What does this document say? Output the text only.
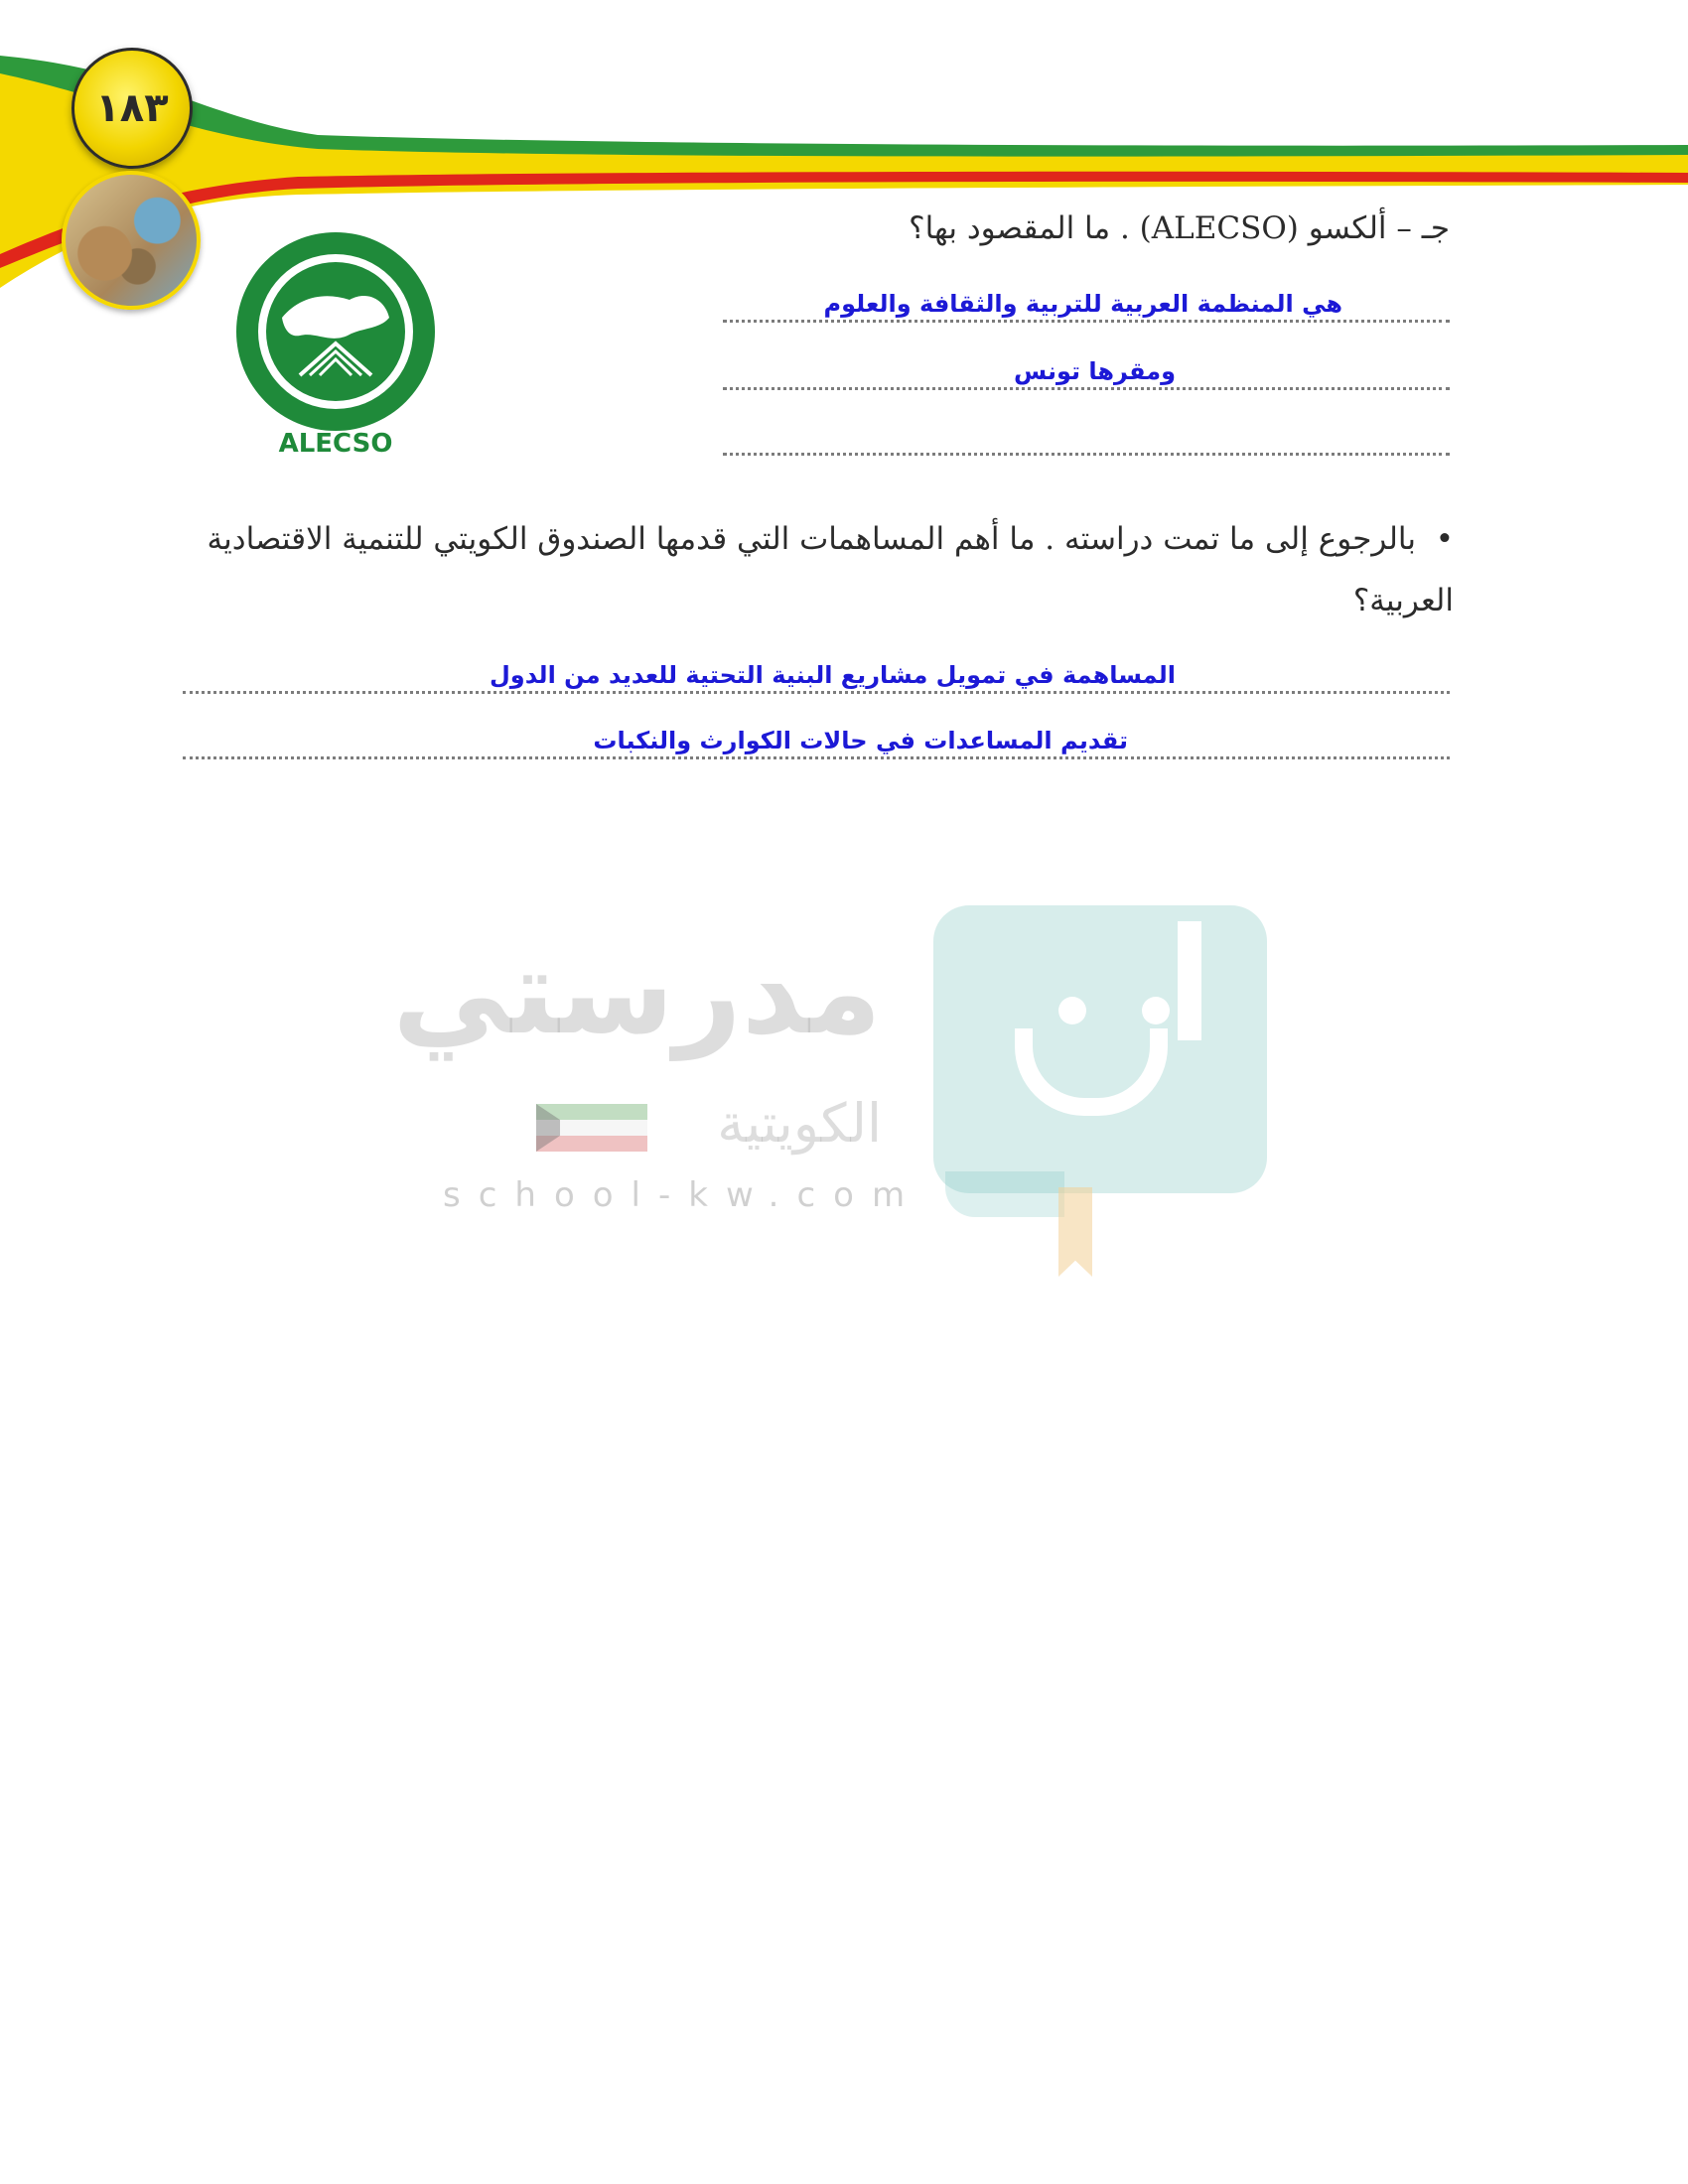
١٨٣
ALECSO
جـ – ألكسو (ALECSO) . ما المقصود بها؟
هي المنظمة العربية للتربية والثقافة والعلوم
ومقرها تونس
•  بالرجوع إلى ما تمت دراسته . ما أهم المساهمات التي قدمها الصندوق الكويتي للتنمية الاقتصادية العربية؟
المساهمة في تمويل مشاريع البنية التحتية للعديد من الدول
تقديم المساعدات في حالات الكوارث والنكبات
مدرستي
الكويتية
school-kw.com
